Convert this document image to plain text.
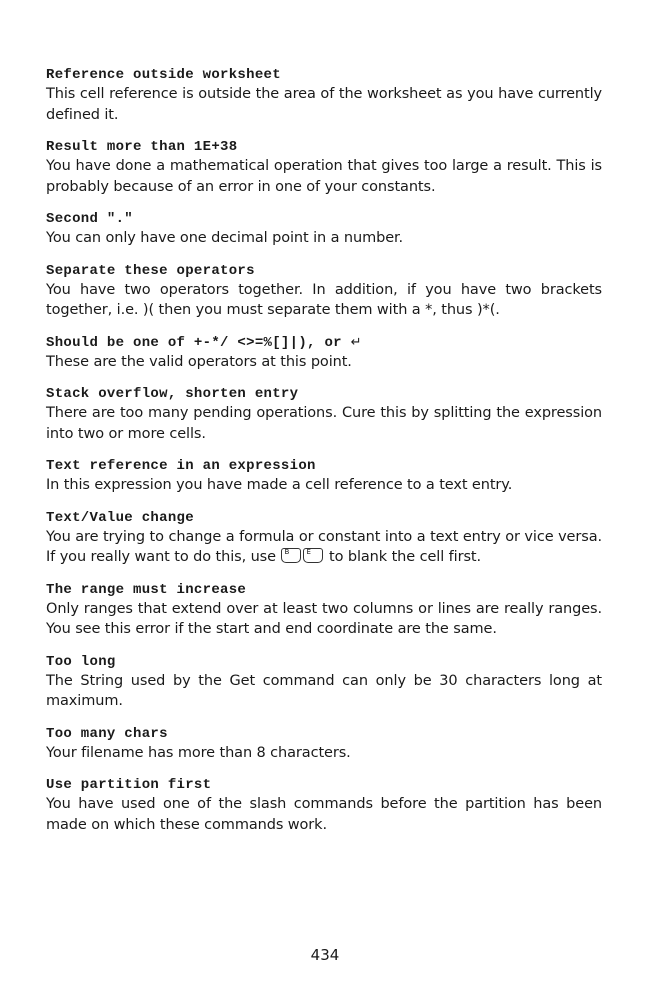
Reference outside worksheet

This cell reference is outside the area of the worksheet as you have currently defined it.

Result more than 1E+38

You have done a mathematical operation that gives too large a result. This is probably because of an error in one of your constants.

Second "."

You can only have one decimal point in a number.

Separate these operators

You have two operators together. In addition, if you have two brackets together, i.e. )( then you must separate them with a *, thus )*(.

Should be one of +-*/ <>=%[]|), or ↵

These are the valid operators at this point.

Stack overflow, shorten entry

There are too many pending operations. Cure this by splitting the expression into two or more cells.

Text reference in an expression

In this expression you have made a cell reference to a text entry.

Text/Value change

You are trying to change a formula or constant into a text entry or vice versa. If you really want to do this, use B E to blank the cell first.

The range must increase

Only ranges that extend over at least two columns or lines are really ranges. You see this error if the start and end coordinate are the same.

Too long

The String used by the Get command can only be 30 characters long at maximum.

Too many chars

Your filename has more than 8 characters.

Use partition first

You have used one of the slash commands before the partition has been made on which these commands work.

434
